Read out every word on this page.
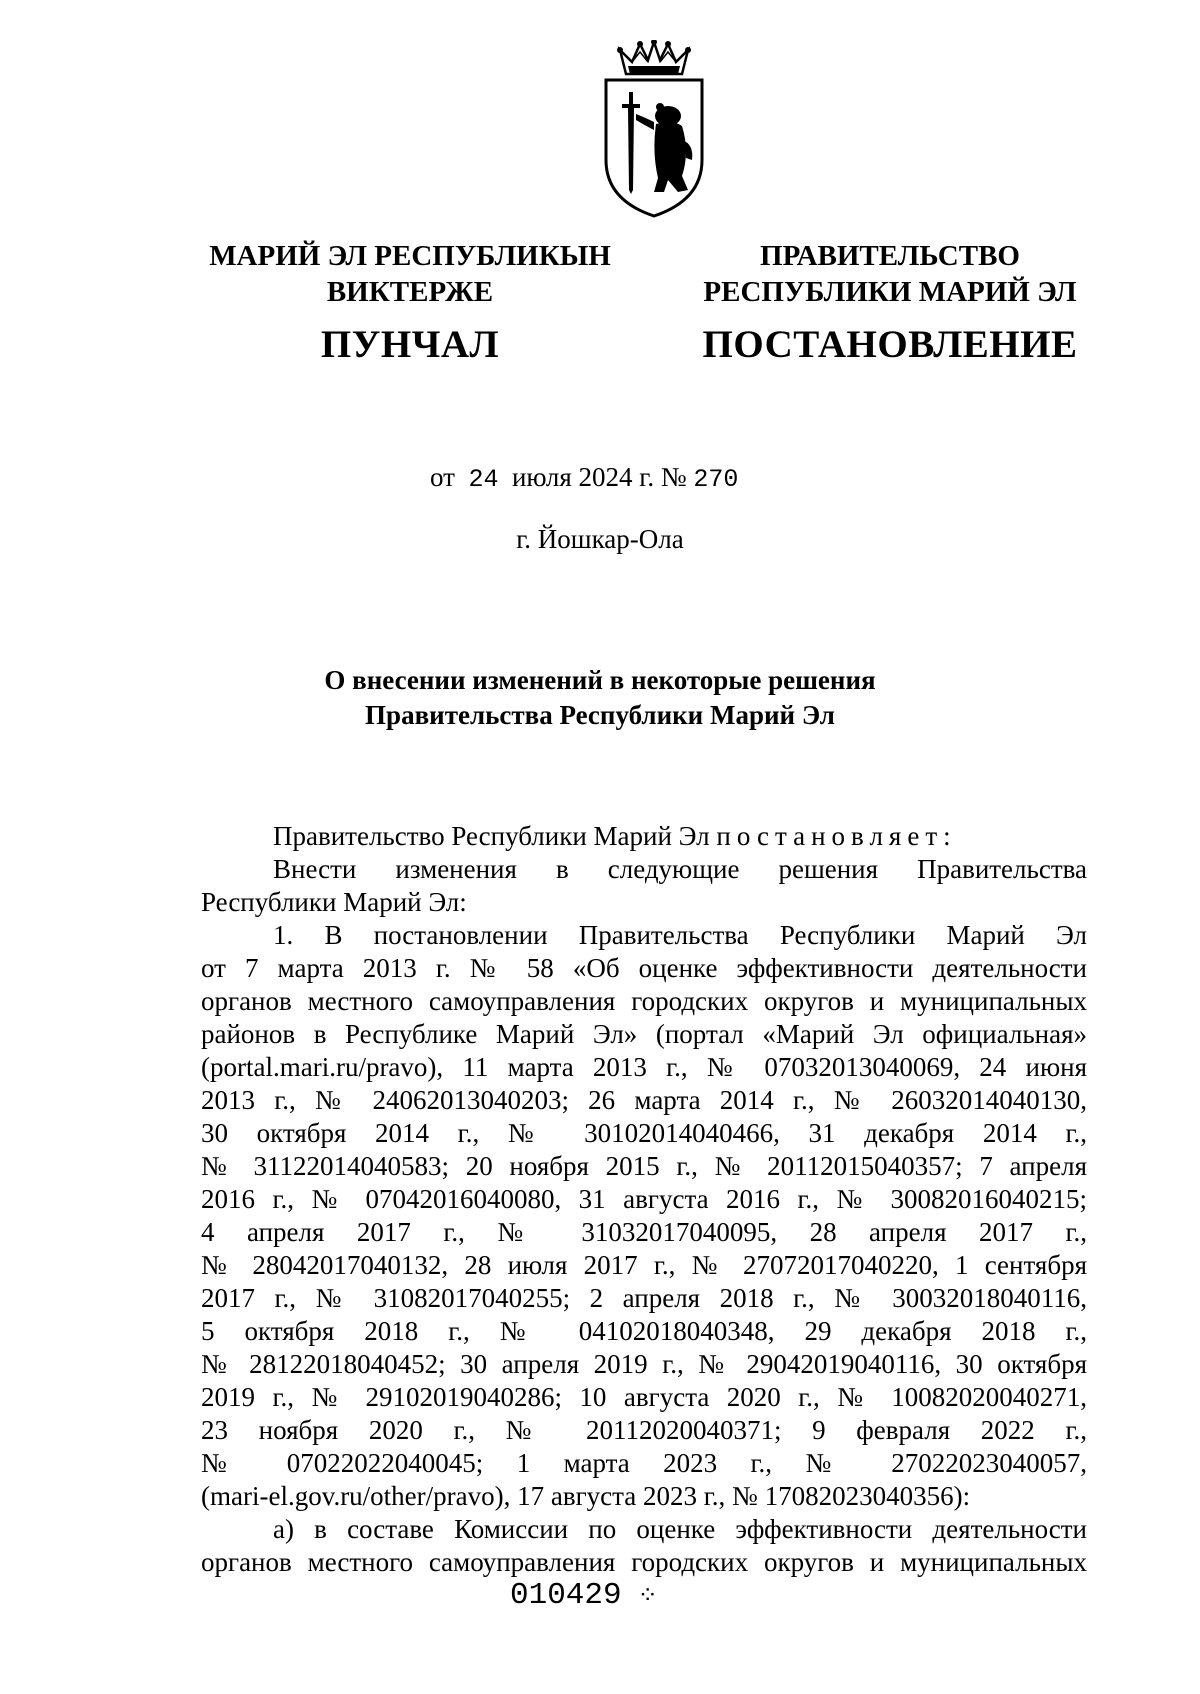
МАРИЙ ЭЛ РЕСПУБЛИКЫН
ВИКТЕРЖЕ
ПУНЧАЛ
ПРАВИТЕЛЬСТВО
РЕСПУБЛИКИ МАРИЙ ЭЛ
ПОСТАНОВЛЕНИЕ
от 24 июля 2024 г. № 270
г. Йошкар-Ола
О внесении изменений в некоторые решения
Правительства Республики Марий Эл

Правительство Республики Марий Эл постановляет:

Внести изменения в следующие решения Правительства

Республики Марий Эл:

1. В постановлении Правительства Республики Марий Эл

от 7 марта 2013 г. № 58 «Об оценке эффективности деятельности

органов местного самоуправления городских округов и муниципальных

районов в Республике Марий Эл» (портал «Марий Эл официальная»

(portal.mari.ru/pravo), 11 марта 2013 г., № 07032013040069, 24 июня

2013 г., № 24062013040203; 26 марта 2014 г., № 26032014040130,

30 октября 2014 г., № 30102014040466, 31 декабря 2014 г.,

№ 31122014040583; 20 ноября 2015 г., № 20112015040357; 7 апреля

2016 г., № 07042016040080, 31 августа 2016 г., № 30082016040215;

4 апреля 2017 г., № 31032017040095, 28 апреля 2017 г.,

№ 28042017040132, 28 июля 2017 г., № 27072017040220, 1 сентября

2017 г., № 31082017040255; 2 апреля 2018 г., № 30032018040116,

5 октября 2018 г., № 04102018040348, 29 декабря 2018 г.,

№ 28122018040452; 30 апреля 2019 г., № 29042019040116, 30 октября

2019 г., № 29102019040286; 10 августа 2020 г., № 10082020040271,

23 ноября 2020 г., № 20112020040371; 9 февраля 2022 г.,

№ 07022022040045; 1 марта 2023 г., № 27022023040057,

(mari-el.gov.ru/other/pravo), 17 августа 2023 г., № 17082023040356):

а) в составе Комиссии по оценке эффективности деятельности

органов местного самоуправления городских округов и муниципальных

010429 ⁘
